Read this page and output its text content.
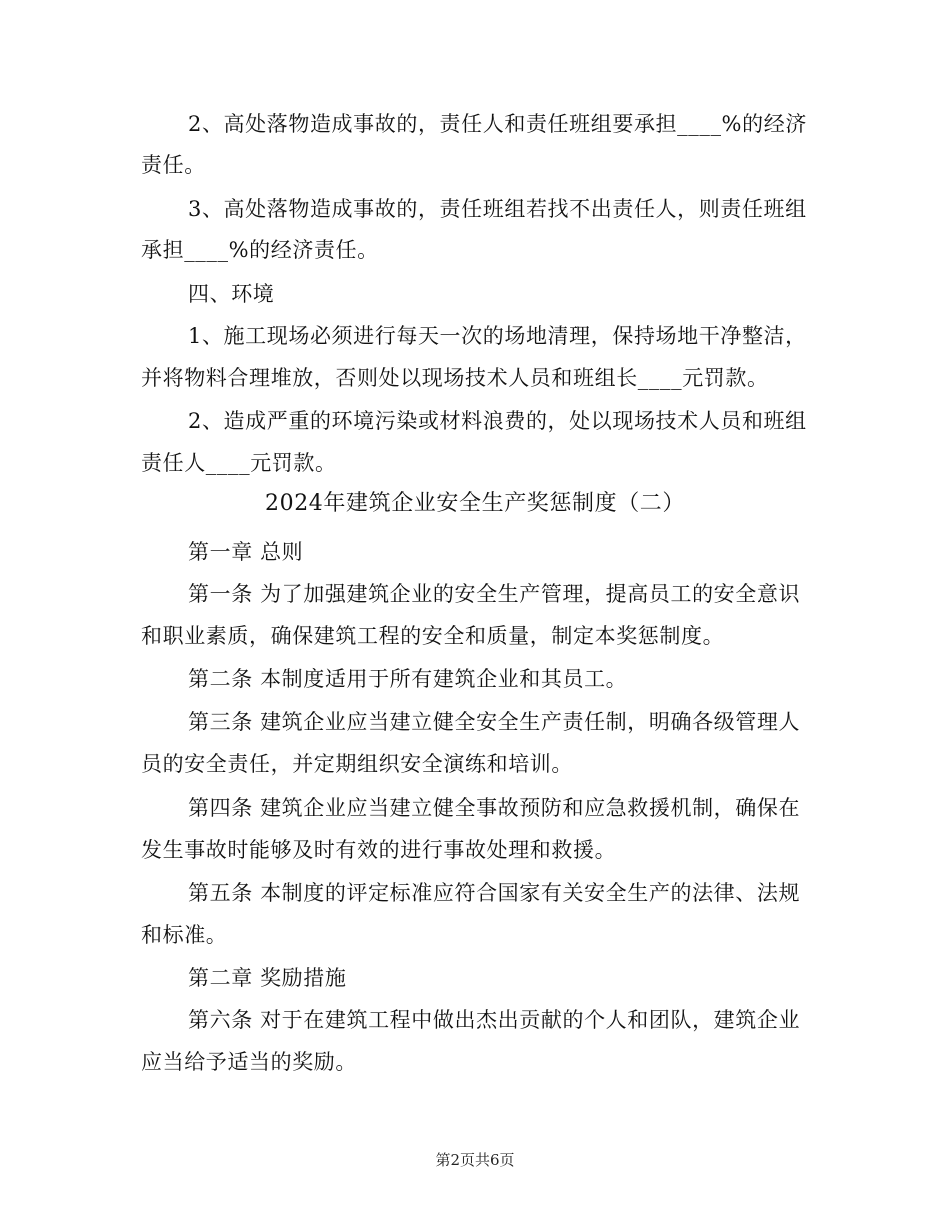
2、高处落物造成事故的，责任人和责任班组要承担____%的经济
责任。
3、高处落物造成事故的，责任班组若找不出责任人，则责任班组
承担____%的经济责任。
四、环境
1、施工现场必须进行每天一次的场地清理，保持场地干净整洁，
并将物料合理堆放，否则处以现场技术人员和班组长____元罚款。
2、造成严重的环境污染或材料浪费的，处以现场技术人员和班组
责任人____元罚款。
2024年建筑企业安全生产奖惩制度（二）
第一章 总则
第一条 为了加强建筑企业的安全生产管理，提高员工的安全意识
和职业素质，确保建筑工程的安全和质量，制定本奖惩制度。
第二条 本制度适用于所有建筑企业和其员工。
第三条 建筑企业应当建立健全安全生产责任制，明确各级管理人
员的安全责任，并定期组织安全演练和培训。
第四条 建筑企业应当建立健全事故预防和应急救援机制，确保在
发生事故时能够及时有效的进行事故处理和救援。
第五条 本制度的评定标准应符合国家有关安全生产的法律、法规
和标准。
第二章 奖励措施
第六条 对于在建筑工程中做出杰出贡献的个人和团队，建筑企业
应当给予适当的奖励。
第2页共6页
